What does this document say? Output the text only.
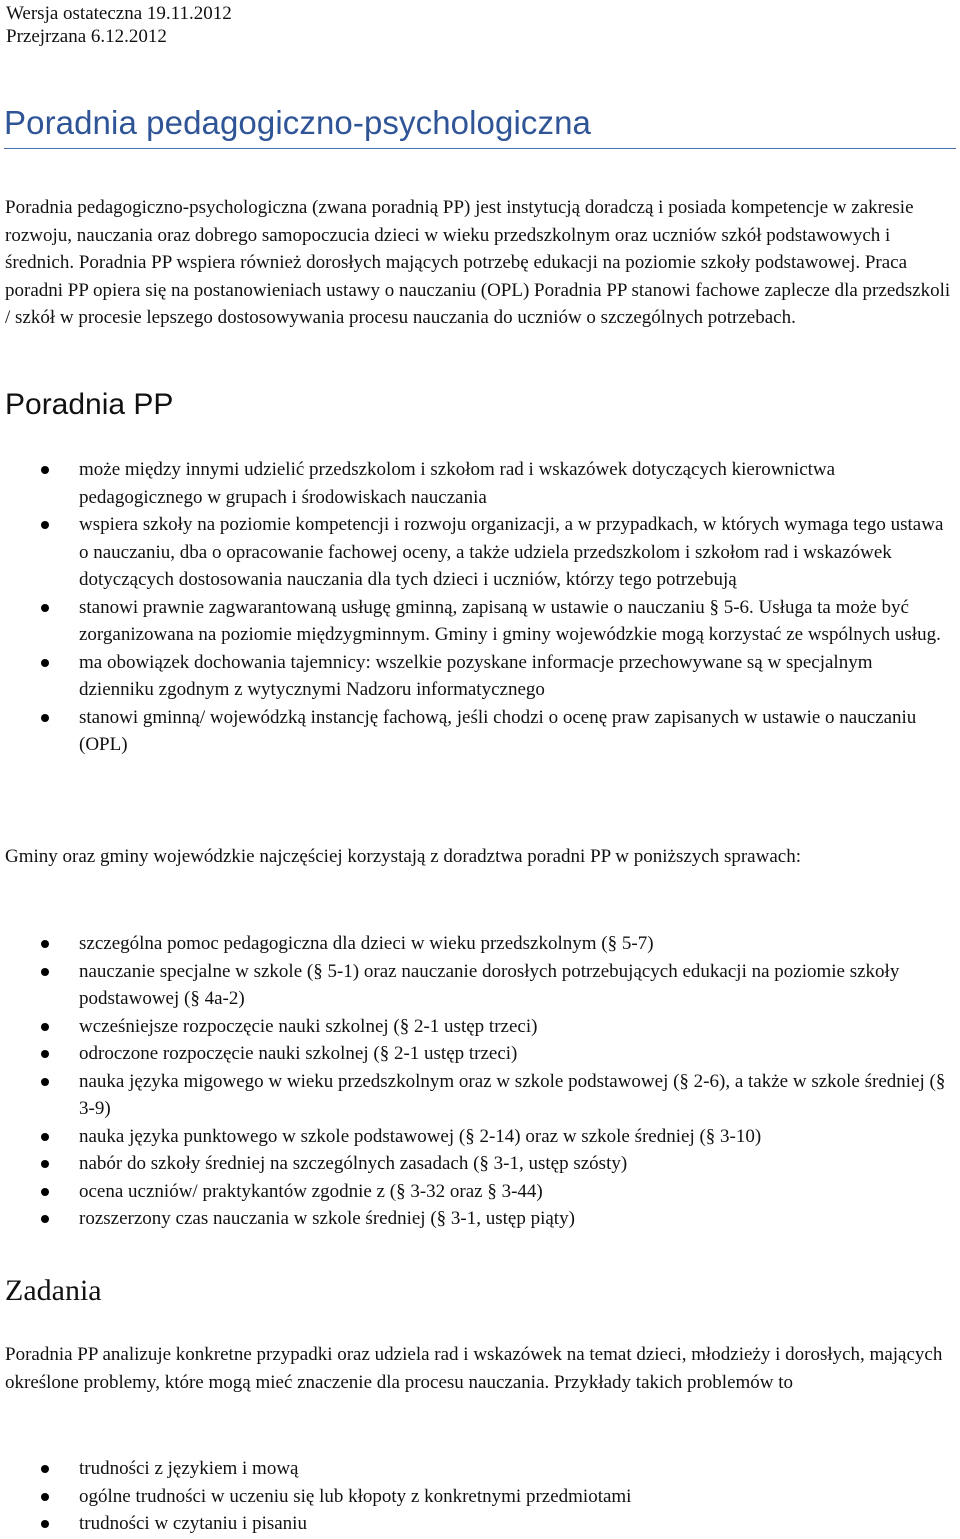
Wersja ostateczna 19.11.2012
Przejrzana 6.12.2012
Poradnia pedagogiczno-psychologiczna
Poradnia pedagogiczno-psychologiczna (zwana poradnią PP) jest instytucją doradczą i posiada kompetencje w zakresie rozwoju, nauczania oraz dobrego samopoczucia dzieci w wieku przedszkolnym oraz uczniów szkół podstawowych i średnich. Poradnia PP wspiera również dorosłych mających potrzebę edukacji na poziomie szkoły podstawowej. Praca poradni PP opiera się na postanowieniach ustawy o nauczaniu (OPL) Poradnia PP stanowi fachowe zaplecze dla przedszkoli / szkół w procesie lepszego dostosowywania procesu nauczania do uczniów o szczególnych potrzebach.
Poradnia PP
może między innymi udzielić przedszkolom i szkołom rad i wskazówek dotyczących kierownictwa pedagogicznego w grupach i środowiskach nauczania
wspiera szkoły na poziomie kompetencji i rozwoju organizacji, a w przypadkach, w których wymaga tego ustawa o nauczaniu, dba o opracowanie fachowej oceny, a także udziela przedszkolom i szkołom rad i wskazówek dotyczących dostosowania nauczania dla tych dzieci i uczniów, którzy tego potrzebują
stanowi prawnie zagwarantowaną usługę gminną, zapisaną w ustawie o nauczaniu § 5-6. Usługa ta może być zorganizowana na poziomie międzygminnym. Gminy i gminy wojewódzkie mogą korzystać ze wspólnych usług.
ma obowiązek dochowania tajemnicy: wszelkie pozyskane informacje przechowywane są w specjalnym dzienniku zgodnym z wytycznymi Nadzoru informatycznego
stanowi gminną/ wojewódzką instancję fachową, jeśli chodzi o ocenę praw zapisanych w ustawie o nauczaniu (OPL)
Gminy oraz gminy wojewódzkie najczęściej korzystają z doradztwa poradni PP w poniższych sprawach:
szczególna pomoc pedagogiczna dla dzieci w wieku przedszkolnym (§ 5-7)
nauczanie specjalne w szkole (§ 5-1) oraz nauczanie dorosłych potrzebujących edukacji na poziomie szkoły podstawowej (§ 4a-2)
wcześniejsze rozpoczęcie nauki szkolnej (§ 2-1 ustęp trzeci)
odroczone rozpoczęcie nauki szkolnej (§ 2-1 ustęp trzeci)
nauka języka migowego w wieku przedszkolnym oraz w szkole podstawowej (§ 2-6), a także w szkole średniej (§ 3-9)
nauka języka punktowego w szkole podstawowej (§ 2-14) oraz w szkole średniej (§ 3-10)
nabór do szkoły średniej na szczególnych zasadach (§ 3-1, ustęp szósty)
ocena uczniów/ praktykantów zgodnie z (§ 3-32 oraz § 3-44)
rozszerzony czas nauczania w szkole średniej (§ 3-1, ustęp piąty)
Zadania
Poradnia PP analizuje konkretne przypadki oraz udziela rad i wskazówek na temat dzieci, młodzieży i dorosłych, mających określone problemy, które mogą mieć znaczenie dla procesu nauczania. Przykłady takich problemów to
trudności z językiem i mową
ogólne trudności w uczeniu się lub kłopoty z konkretnymi przedmiotami
trudności w czytaniu i pisaniu
